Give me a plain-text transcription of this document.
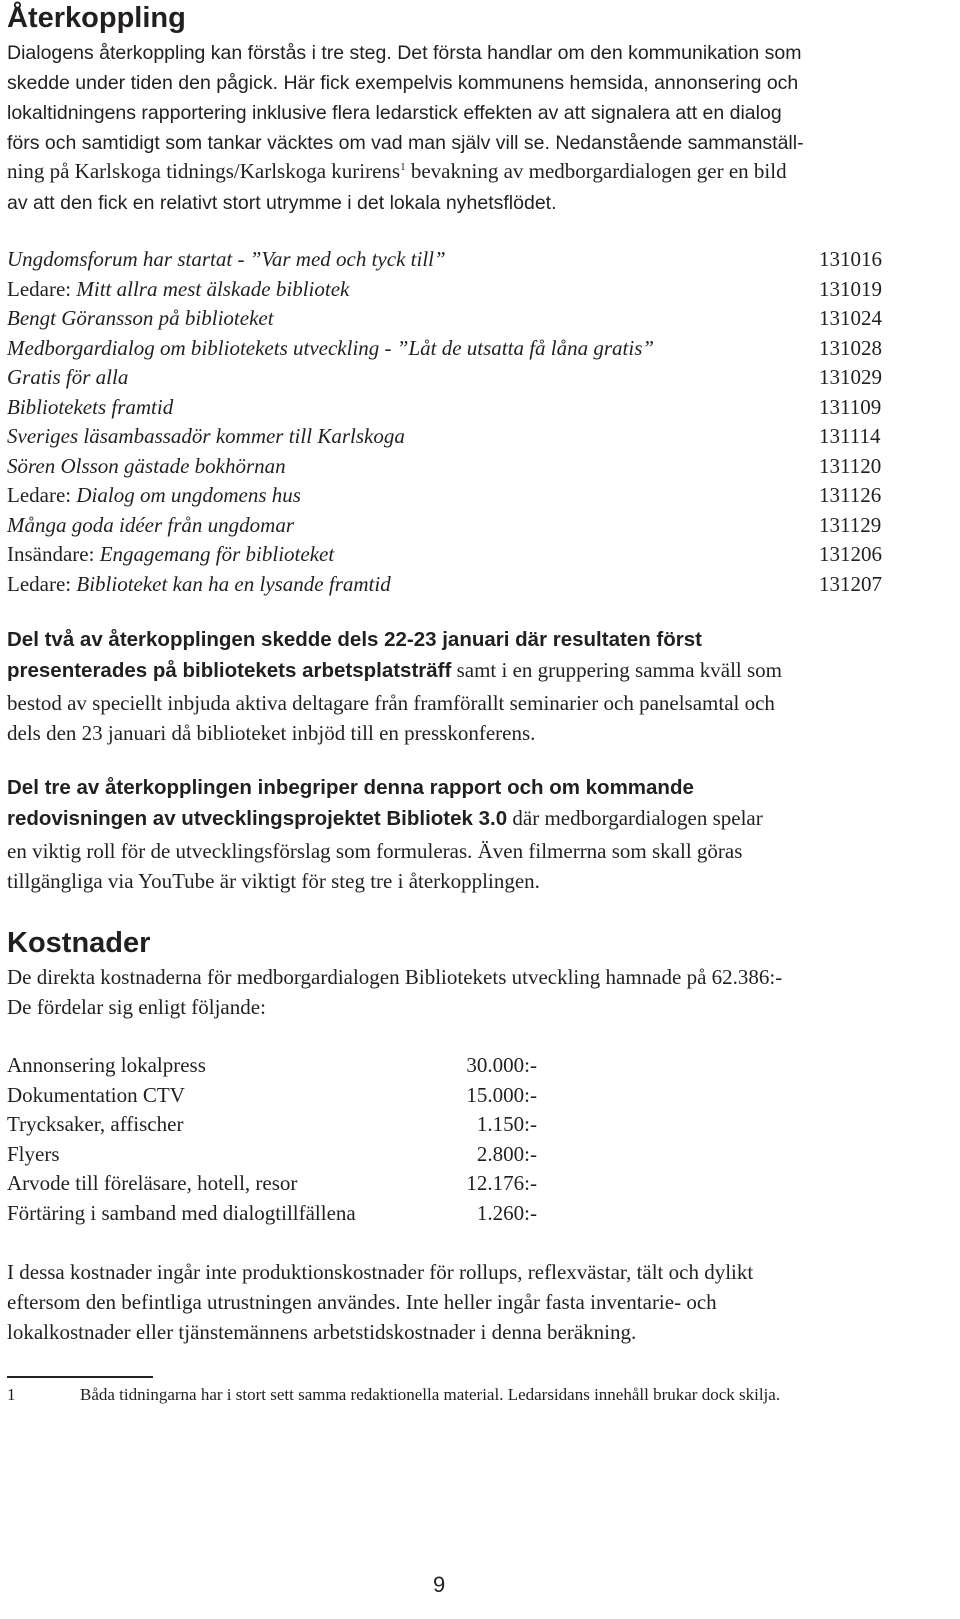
Återkoppling
Dialogens återkoppling kan förstås i tre steg. Det första handlar om den kommunikation som
skedde under tiden den pågick. Här fick exempelvis kommunens hemsida, annonsering och
lokaltidningens rapportering inklusive flera ledarstick effekten av att signalera att en dialog
förs och samtidigt som tankar väcktes om vad man själv vill se. Nedanstående sammanställ-
ning på Karlskoga tidnings/Karlskoga kurirens$^1$ bevakning av medborgardialogen ger en bild
av att den fick en relativt stort utrymme i det lokala nyhetsflödet.
Ungdomsforum har startat - ”Var med och tyck till”	131016
Ledare: Mitt allra mest älskade bibliotek	131019
Bengt Göransson på biblioteket	131024
Medborgardialog om bibliotekets utveckling - ”Låt de utsatta få låna gratis”	131028
Gratis för alla	131029
Bibliotekets framtid	131109
Sveriges läsambassadör kommer till Karlskoga	131114
Sören Olsson gästade bokhörnan	131120
Ledare: Dialog om ungdomens hus	131126
Många goda idéer från ungdomar	131129
Insändare: Engagemang för biblioteket	131206
Ledare: Biblioteket kan ha en lysande framtid	131207
Del två av återkopplingen skedde dels 22-23 januari där resultaten först
presenterades på bibliotekets arbetsplatsträff samt i en gruppering samma kväll som
bestod av speciellt inbjuda aktiva deltagare från framförallt seminarier och panelsamtal och
dels den 23 januari då biblioteket inbjöd till en presskonferens.
Del tre av återkopplingen inbegriper denna rapport och om kommande
redovisningen av utvecklingsprojektet Bibliotek 3.0 där medborgardialogen spelar
en viktig roll för de utvecklingsförslag som formuleras. Även filmerrna som skall göras
tillgängliga via YouTube är viktigt för steg tre i återkopplingen.
Kostnader
De direkta kostnaderna för medborgardialogen Bibliotekets utveckling hamnade på 62.386:-
De fördelar sig enligt följande:
Annonsering lokalpress	30.000:-
Dokumentation CTV	15.000:-
Trycksaker, affischer	1.150:-
Flyers	2.800:-
Arvode till föreläsare, hotell, resor	12.176:-
Förtäring i samband med dialogtillfällena	1.260:-
I dessa kostnader ingår inte produktionskostnader för rollups, reflexvästar, tält och dylikt
eftersom den befintliga utrustningen användes. Inte heller ingår fasta inventarie- och
lokalkostnader eller tjänstemännens arbetstidskostnader i denna beräkning.
1	Båda tidningarna har i stort sett samma redaktionella material. Ledarsidans innehåll brukar dock skilja.
9
